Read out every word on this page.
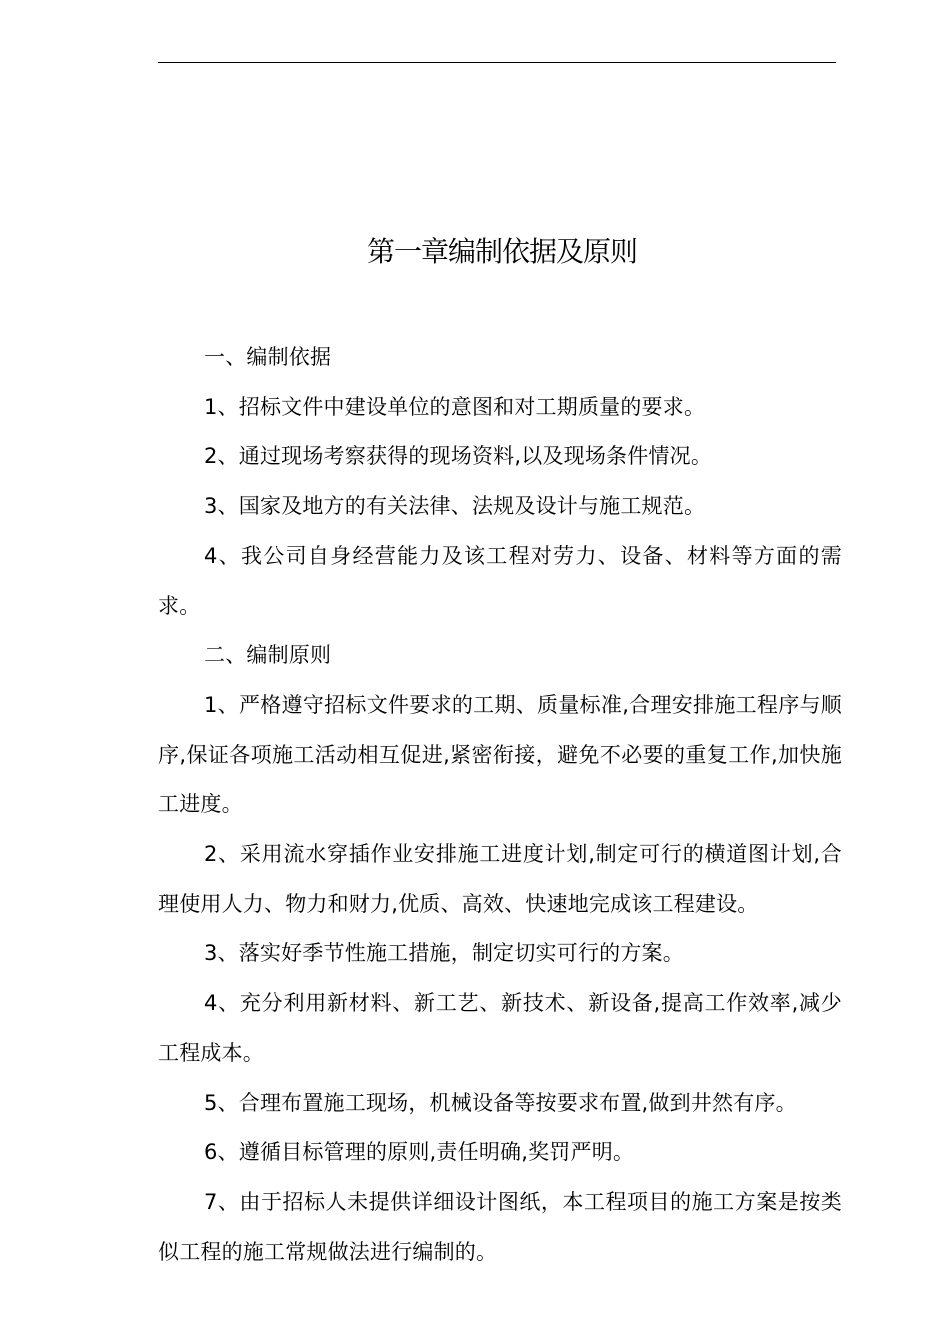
第一章编制依据及原则

一、编制依据

1、招标文件中建设单位的意图和对工期质量的要求。

2、通过现场考察获得的现场资料,以及现场条件情况。

3、国家及地方的有关法律、法规及设计与施工规范。

4、我公司自身经营能力及该工程对劳力、设备、材料等方面的需求。

二、编制原则

1、严格遵守招标文件要求的工期、质量标准,合理安排施工程序与顺序,保证各项施工活动相互促进,紧密衔接，避免不必要的重复工作,加快施工进度。

2、采用流水穿插作业安排施工进度计划,制定可行的横道图计划,合理使用人力、物力和财力,优质、高效、快速地完成该工程建设。

3、落实好季节性施工措施，制定切实可行的方案。

4、充分利用新材料、新工艺、新技术、新设备,提高工作效率,减少工程成本。

5、合理布置施工现场，机械设备等按要求布置,做到井然有序。

6、遵循目标管理的原则,责任明确,奖罚严明。

7、由于招标人未提供详细设计图纸，本工程项目的施工方案是按类似工程的施工常规做法进行编制的。
